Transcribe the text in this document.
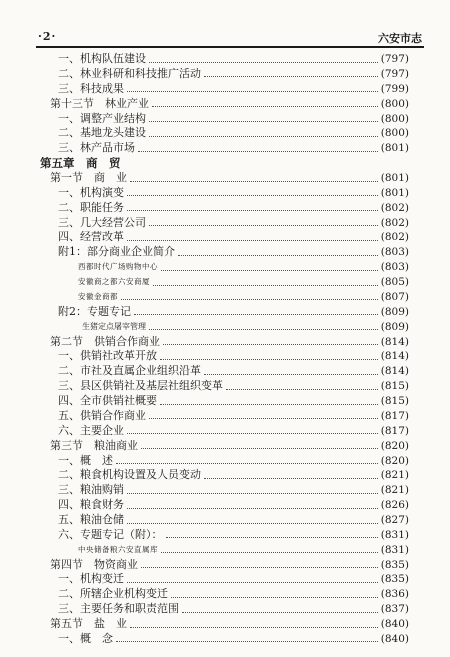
·2·	六安市志
一、机构队伍建设	(797)
二、林业科研和科技推广活动	(797)
三、科技成果	(799)
第十三节　林业产业	(800)
一、调整产业结构	(800)
二、基地龙头建设	(800)
三、林产品市场	(801)
第五章　商　贸
第一节　商　业	(801)
一、机构演变	(801)
二、职能任务	(802)
三、几大经营公司	(802)
四、经营改革	(802)
附1：部分商业企业简介	(803)
西都时代广场购物中心	(803)
安徽商之都六安商厦	(805)
安徽金商都	(807)
附2：专题专记	(809)
生猪定点屠宰管理	(809)
第二节　供销合作商业	(814)
一、供销社改革开放	(814)
二、市社及直属企业组织沿革	(814)
三、县区供销社及基层社组织变革	(815)
四、全市供销社概要	(815)
五、供销合作商业	(817)
六、主要企业	(817)
第三节　粮油商业	(820)
一、概　述	(820)
二、粮食机构设置及人员变动	(821)
三、粮油购销	(821)
四、粮食财务	(826)
五、粮油仓储	(827)
六、专题专记（附）：	(831)
中央储备粮六安直属库	(831)
第四节　物资商业	(835)
一、机构变迁	(835)
二、所辖企业机构变迁	(836)
三、主要任务和职责范围	(837)
第五节　盐　业	(840)
一、概　念	(840)
